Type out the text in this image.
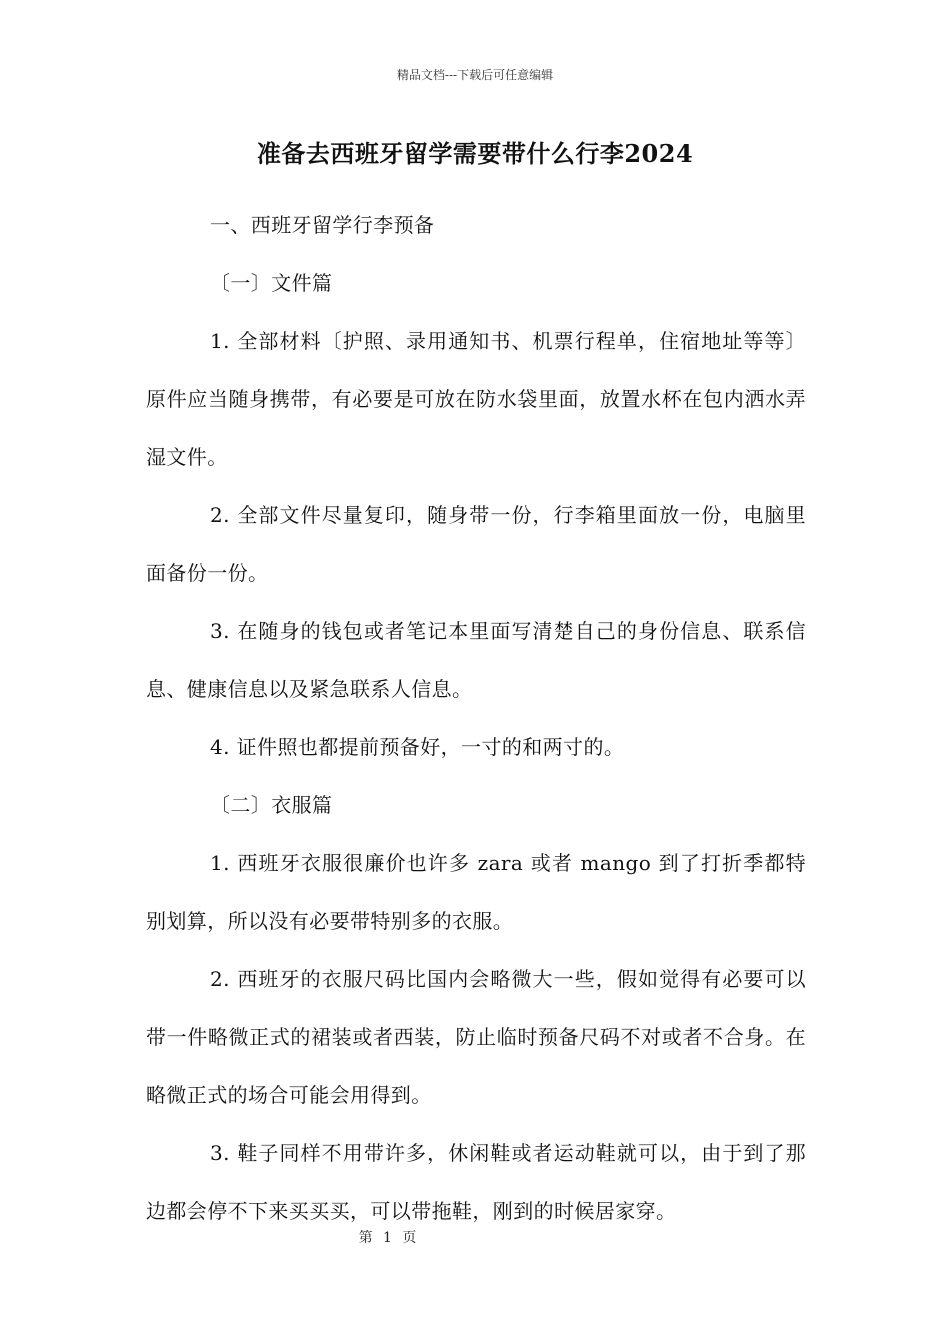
精品文档---下载后可任意编辑
准备去西班牙留学需要带什么行李2024

一、西班牙留学行李预备

〔一〕文件篇

1. 全部材料〔护照、录用通知书、机票行程单，住宿地址等等〕原件应当随身携带，有必要是可放在防水袋里面，放置水杯在包内洒水弄湿文件。

2. 全部文件尽量复印，随身带一份，行李箱里面放一份，电脑里面备份一份。

3. 在随身的钱包或者笔记本里面写清楚自己的身份信息、联系信息、健康信息以及紧急联系人信息。

4. 证件照也都提前预备好，一寸的和两寸的。

〔二〕衣服篇

1. 西班牙衣服很廉价也许多 zara 或者 mango 到了打折季都特别划算，所以没有必要带特别多的衣服。

2. 西班牙的衣服尺码比国内会略微大一些，假如觉得有必要可以带一件略微正式的裙装或者西装，防止临时预备尺码不对或者不合身。在略微正式的场合可能会用得到。

3. 鞋子同样不用带许多，休闲鞋或者运动鞋就可以，由于到了那边都会停不下来买买买，可以带拖鞋，刚到的时候居家穿。

第 1 页
